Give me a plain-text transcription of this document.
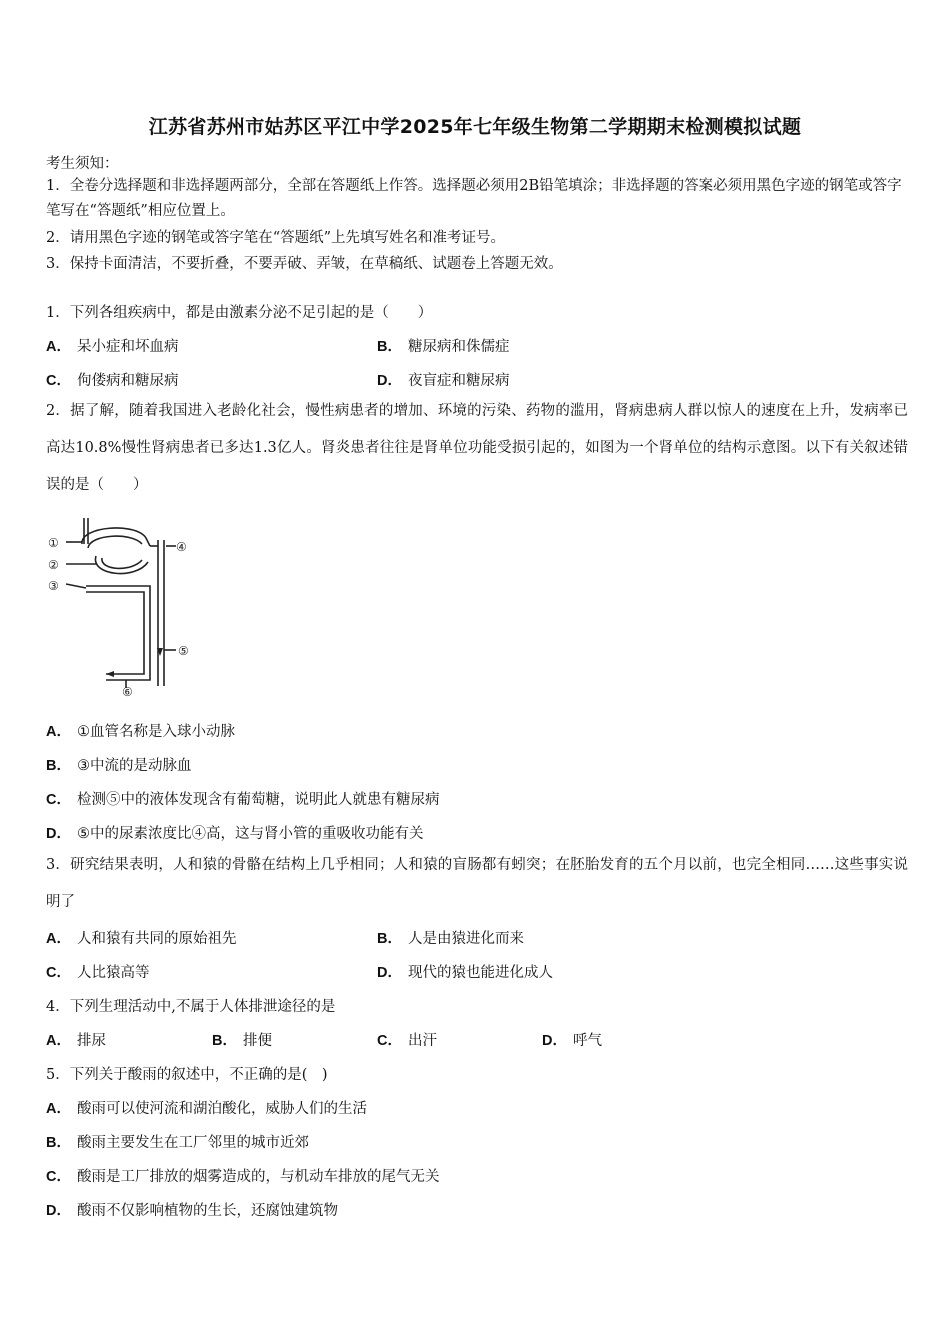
江苏省苏州市姑苏区平江中学2025年七年级生物第二学期期末检测模拟试题
考生须知：
1．全卷分选择题和非选择题两部分，全部在答题纸上作答。选择题必须用2B铅笔填涂；非选择题的答案必须用黑色字迹的钢笔或答字笔写在“答题纸”相应位置上。
2．请用黑色字迹的钢笔或答字笔在“答题纸”上先填写姓名和准考证号。
3．保持卡面清洁，不要折叠，不要弄破、弄皱，在草稿纸、试题卷上答题无效。
1．下列各组疾病中，都是由激素分泌不足引起的是（　　）
A． 呆小症和坏血病	B． 糖尿病和侏儒症
C． 佝偻病和糖尿病	D． 夜盲症和糖尿病
2．据了解，随着我国进入老龄化社会，慢性病患者的增加、环境的污染、药物的滥用，肾病患病人群以惊人的速度在上升，发病率已高达10.8%慢性肾病患者已多达1.3亿人。肾炎患者往往是肾单位功能受损引起的，如图为一个肾单位的结构示意图。以下有关叙述错误的是（　　）
①
②
③
④
⑤
⑥
A． ①血管名称是入球小动脉
B． ③中流的是动脉血
C． 检测⑤中的液体发现含有葡萄糖，说明此人就患有糖尿病
D． ⑤中的尿素浓度比④高，这与肾小管的重吸收功能有关
3．研究结果表明，人和猿的骨骼在结构上几乎相同；人和猿的盲肠都有蚓突；在胚胎发育的五个月以前，也完全相同……这些事实说明了
A． 人和猿有共同的原始祖先	B． 人是由猿进化而来
C． 人比猿高等	D． 现代的猿也能进化成人
4．下列生理活动中,不属于人体排泄途径的是
A． 排尿	B． 排便	C． 出汗	D． 呼气
5．下列关于酸雨的叙述中，不正确的是(　)
A． 酸雨可以使河流和湖泊酸化，威胁人们的生活
B． 酸雨主要发生在工厂邻里的城市近郊
C． 酸雨是工厂排放的烟雾造成的，与机动车排放的尾气无关
D． 酸雨不仅影响植物的生长，还腐蚀建筑物
